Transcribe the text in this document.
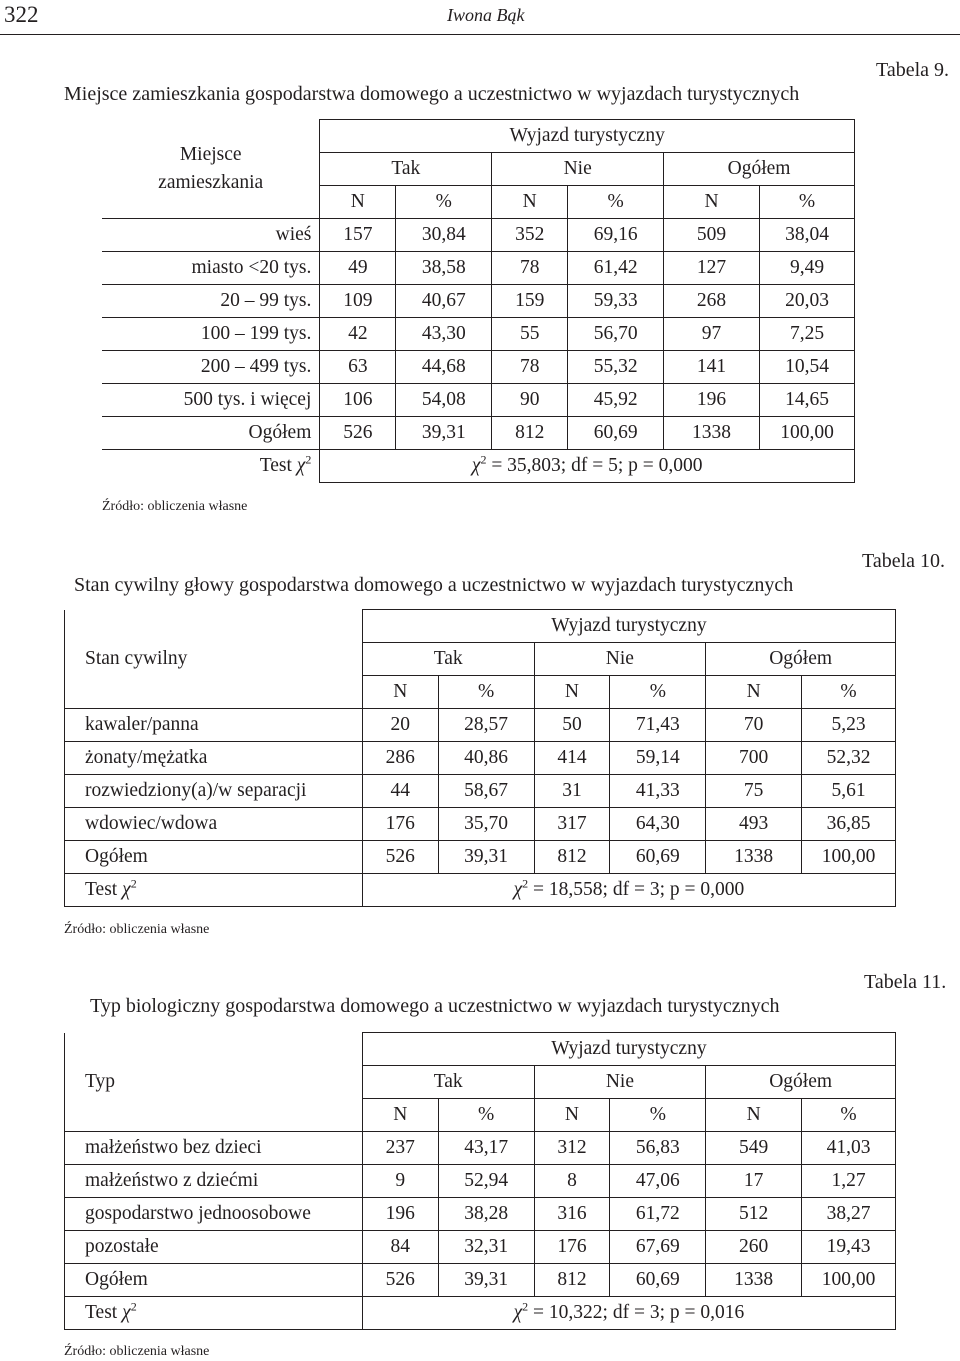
322	Iwona Bąk
Tabela 9.
Miejsce zamieszkania gospodarstwa domowego a uczestnictwo w wyjazdach turystycznych
Miejsce zamieszkania	Wyjazd turystyczny					
	Tak		Nie		Ogółem	
	N	%	N	%	N	%
wieś	157	30,84	352	69,16	509	38,04
miasto <20 tys.	49	38,58	78	61,42	127	9,49
20 – 99 tys.	109	40,67	159	59,33	268	20,03
100 – 199 tys.	42	43,30	55	56,70	97	7,25
200 – 499 tys.	63	44,68	78	55,32	141	10,54
500 tys. i więcej	106	54,08	90	45,92	196	14,65
Ogółem	526	39,31	812	60,69	1338	100,00
Test $\chi^2$	$\chi^2 = 35,803$; df = 5; p = 0,000					
Źródło: obliczenia własne
Tabela 10.
Stan cywilny głowy gospodarstwa domowego a uczestnictwo w wyjazdach turystycznych
Stan cywilny	Wyjazd turystyczny					
	Tak		Nie		Ogółem	
	N	%	N	%	N	%
kawaler/panna	20	28,57	50	71,43	70	5,23
żonaty/mężatka	286	40,86	414	59,14	700	52,32
rozwiedziony(a)/w separacji	44	58,67	31	41,33	75	5,61
wdowiec/wdowa	176	35,70	317	64,30	493	36,85
Ogółem	526	39,31	812	60,69	1338	100,00
Test $\chi^2$	$\chi^2 = 18,558$; df = 3; p = 0,000					
Źródło: obliczenia własne
Tabela 11.
Typ biologiczny gospodarstwa domowego a uczestnictwo w wyjazdach turystycznych
Typ	Wyjazd turystyczny					
	Tak		Nie		Ogółem	
	N	%	N	%	N	%
małżeństwo bez dzieci	237	43,17	312	56,83	549	41,03
małżeństwo z dziećmi	9	52,94	8	47,06	17	1,27
gospodarstwo jednoosobowe	196	38,28	316	61,72	512	38,27
pozostałe	84	32,31	176	67,69	260	19,43
Ogółem	526	39,31	812	60,69	1338	100,00
Test $\chi^2$	$\chi^2 = 10,322$; df = 3; p = 0,016					
Źródło: obliczenia własne
